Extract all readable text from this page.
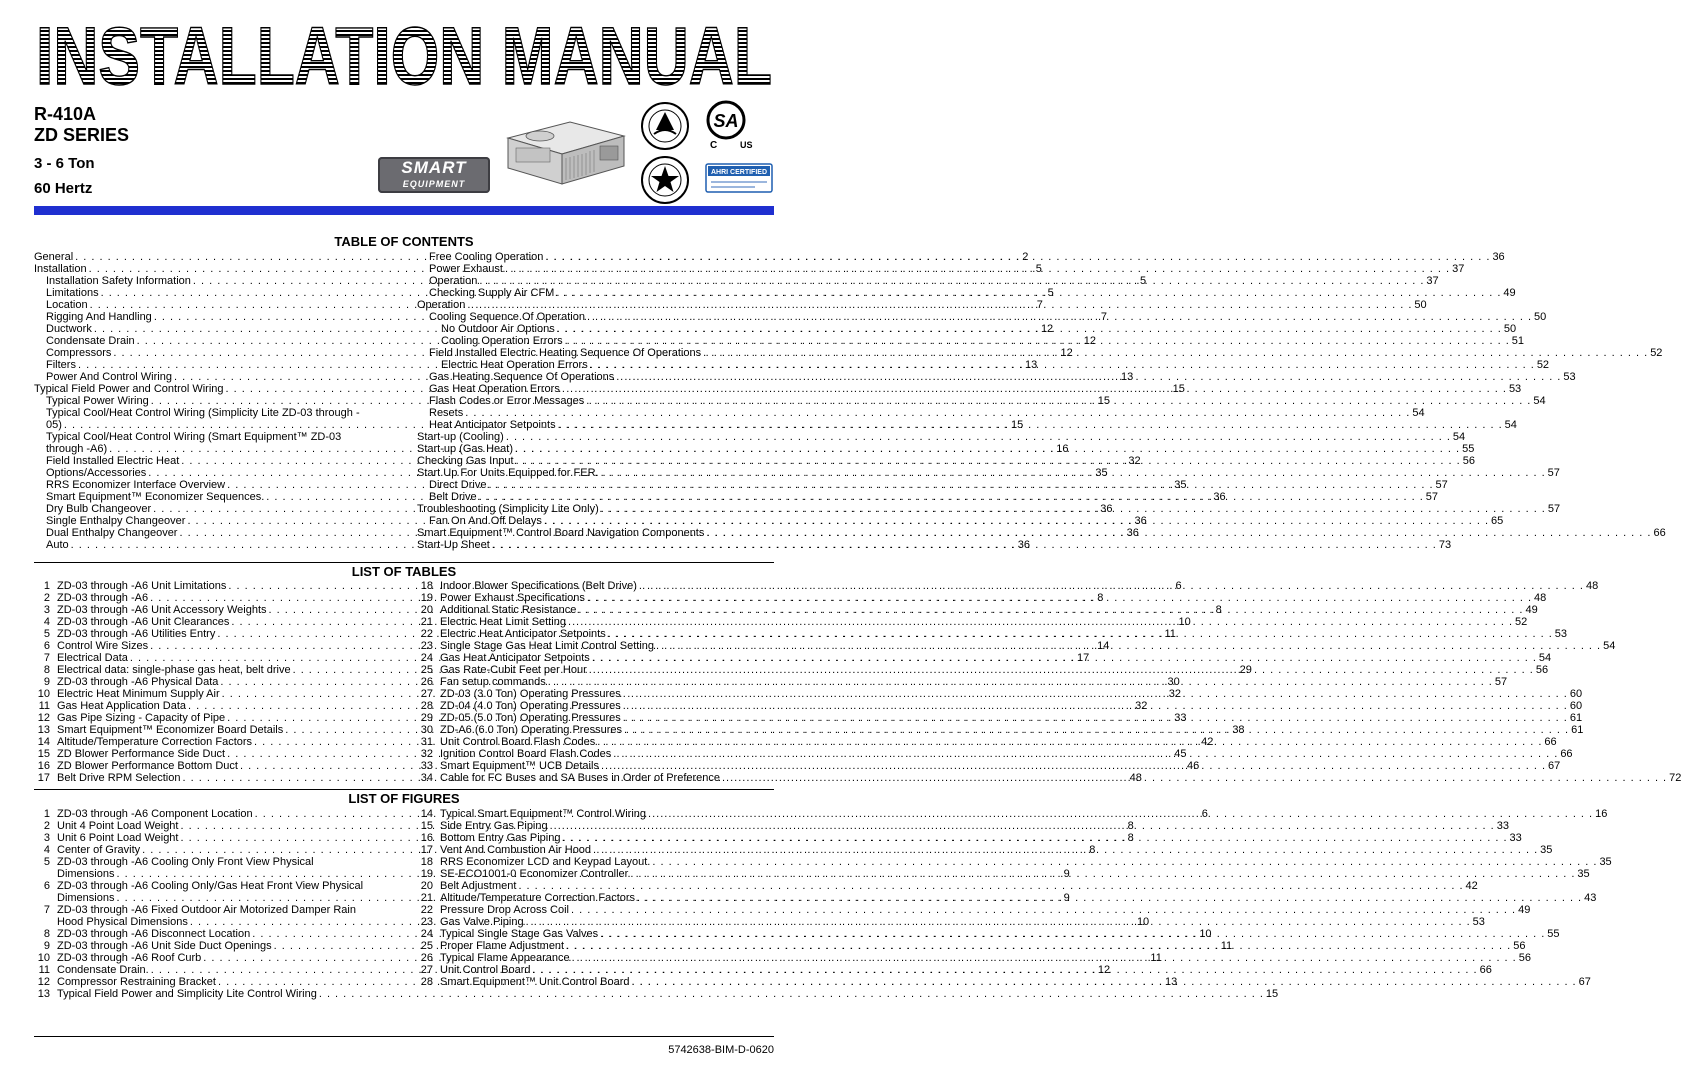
INSTALLATION MANUAL
R-410A
ZD SERIES
3 - 6 Ton
60 Hertz
SMART
EQUIPMENT
SA
C	US
AHRI CERTIFIED
TABLE OF CONTENTS
General . . .	2
Installation . . .	5
Installation Safety Information . . .	5
Limitations . . .	5
Location . . .	7
Rigging And Handling . . .	7
Ductwork . . .	12
Condensate Drain . . .	12
Compressors . . .	12
Filters . . .	13
Power And Control Wiring . . .	13
Typical Field Power and Control Wiring . . .	15
Typical Power Wiring . . .	15
Typical Cool/Heat Control Wiring (Simplicity Lite ZD-03 through -
05) . . .	15
Typical Cool/Heat Control Wiring (Smart Equipment™ ZD-03
through -A6) . . .	16
Field Installed Electric Heat . . .	32
Options/Accessories . . .	35
RRS Economizer Interface Overview . . .	35
Smart Equipment™ Economizer Sequences. . . .	36
Dry Bulb Changeover . . .	36
Single Enthalpy Changeover . . .	36
Dual Enthalpy Changeover . . .	36
Auto . . .	36
Free Cooling Operation . . .	36
Power Exhaust . . .	37
Operation . . .	37
Checking Supply Air CFM . . .	49
Operation . . .	50
Cooling Sequence Of Operation . . .	50
No Outdoor Air Options . . .	50
Cooling Operation Errors . . .	51
Field Installed Electric Heating Sequence Of Operations . . .	52
Electric Heat Operation Errors . . .	52
Gas Heating Sequence Of Operations . . .	53
Gas Heat Operation Errors . . .	53
Flash Codes or Error Messages . . .	54
Resets . . .	54
Heat Anticipator Setpoints . . .	54
Start-up (Cooling) . . .	54
Start-up (Gas Heat) . . .	55
Checking Gas Input . . .	56
Start Up For Units Equipped for FER. . . .	57
Direct Drive . . .	57
Belt Drive . . .	57
Troubleshooting (Simplicity Lite Only) . . .	57
Fan On And Off Delays . . .	65
Smart Equipment™ Control Board Navigation Components . . .	66
Start-Up Sheet . . .	73
LIST OF TABLES
1 ZD-03 through -A6 Unit Limitations . . .	6
2 ZD-03 through -A6 . . .	8
3 ZD-03 through -A6 Unit Accessory Weights . . .	8
4 ZD-03 through -A6 Unit Clearances . . .	10
5 ZD-03 through -A6 Utilities Entry . . .	11
6 Control Wire Sizes . . .	14
7 Electrical Data . . .	17
8 Electrical data: single-phase gas heat, belt drive . . .	29
9 ZD-03 through -A6 Physical Data . . .	30
10 Electric Heat Minimum Supply Air . . .	32
11 Gas Heat Application Data . . .	32
12 Gas Pipe Sizing - Capacity of Pipe . . .	33
13 Smart Equipment™ Economizer Board Details . . .	38
14 Altitude/Temperature Correction Factors . . .	42
15 ZD Blower Performance Side Duct . . .	45
16 ZD Blower Performance Bottom Duct . . .	46
17 Belt Drive RPM Selection . . .	48
18 Indoor Blower Specifications (Belt Drive) . . .	48
19 Power Exhaust Specifications . . .	48
20 Additional Static Resistance . . .	49
21 Electric Heat Limit Setting . . .	52
22 Electric Heat Anticipator Setpoints . . .	53
23 Single Stage Gas Heat Limit Control Setting . . .	54
24 Gas Heat Anticipator Setpoints . . .	54
25 Gas Rate-Cubit Feet per Hour . . .	56
26 Fan setup commands . . .	57
27 ZD-03 (3.0 Ton) Operating Pressures . . .	60
28 ZD-04 (4.0 Ton) Operating Pressures . . .	60
29 ZD-05 (5.0 Ton) Operating Pressures . . .	61
30 ZD-A6 (6.0 Ton) Operating Pressures . . .	61
31 Unit Control Board Flash Codes . . .	66
32 Ignition Control Board Flash Codes . . .	66
33 Smart Equipment™ UCB Details . . .	67
34 Cable for FC Buses and SA Buses in Order of Preference . . .	72
LIST OF FIGURES
1 ZD-03 through -A6 Component Location . . .	6
2 Unit 4 Point Load Weight . . .	8
3 Unit 6 Point Load Weight . . .	8
4 Center of Gravity . . .	8
5 ZD-03 through -A6 Cooling Only Front View Physical
Dimensions . . .	9
6 ZD-03 through -A6 Cooling Only/Gas Heat Front View Physical
Dimensions . . .	9
7 ZD-03 through -A6 Fixed Outdoor Air Motorized Damper Rain
Hood Physical Dimensions . . .	10
8 ZD-03 through -A6 Disconnect Location . . .	10
9 ZD-03 through -A6 Unit Side Duct Openings . . .	11
10 ZD-03 through -A6 Roof Curb . . .	11
11 Condensate Drain. . . .	12
12 Compressor Restraining Bracket . . .	13
13 Typical Field Power and Simplicity Lite Control Wiring . . .	15
14 Typical Smart Equipment™ Control Wiring . . .	16
15 Side Entry Gas Piping . . .	33
16 Bottom Entry Gas Piping . . .	33
17 Vent And Combustion Air Hood . . .	35
18 RRS Economizer LCD and Keypad Layout. . . .	35
19 SE-ECO1001-0 Economizer Controller . . .	35
20 Belt Adjustment . . .	42
21 Altitude/Temperature Correction Factors . . .	43
22 Pressure Drop Across Coil . . .	49
23 Gas Valve Piping . . .	53
24 Typical Single Stage Gas Valves . . .	55
25 Proper Flame Adjustment . . .	56
26 Typical Flame Appearance . . .	56
27 Unit Control Board . . .	66
28 Smart Equipment™ Unit Control Board . . .	67
5742638-BIM-D-0620
